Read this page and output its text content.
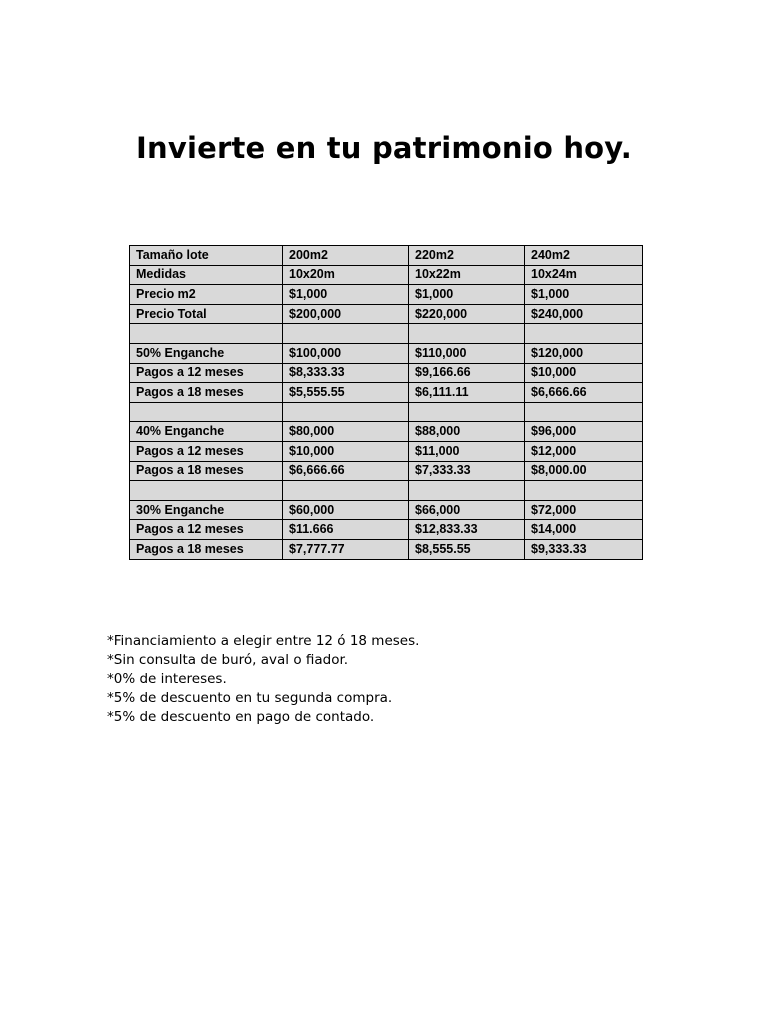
Invierte en tu patrimonio hoy.
Tamaño lote	200m2	220m2	240m2
Medidas	10x20m	10x22m	10x24m
Precio m2	$1,000	$1,000	$1,000
Precio Total	$200,000	$220,000	$240,000

50% Enganche	$100,000	$110,000	$120,000
Pagos a 12 meses	$8,333.33	$9,166.66	$10,000
Pagos a 18 meses	$5,555.55	$6,111.11	$6,666.66

40% Enganche	$80,000	$88,000	$96,000
Pagos a 12 meses	$10,000	$11,000	$12,000
Pagos a 18 meses	$6,666.66	$7,333.33	$8,000.00

30% Enganche	$60,000	$66,000	$72,000
Pagos a 12 meses	$11.666	$12,833.33	$14,000
Pagos a 18 meses	$7,777.77	$8,555.55	$9,333.33
*Financiamiento a elegir entre 12 ó 18 meses.
*Sin consulta de buró, aval o fiador.
*0% de intereses.
*5% de descuento en tu segunda compra.
*5% de descuento en pago de contado.
